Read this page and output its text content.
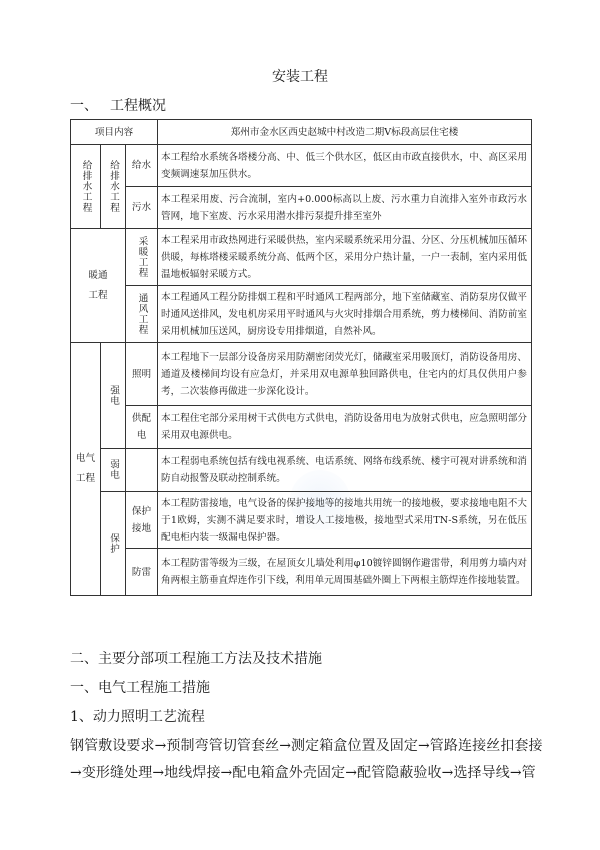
安装工程
一、 工程概况
项目内容			郑州市金水区西史赵城中村改造二期Ⅴ标段高层住宅楼

给排水工程	给排水工程	给水	本工程给水系统各塔楼分高、中、低三个供水区，低区由市政直接供水，中、高区采用变频调速泵加压供水。
		污水	本工程采用废、污合流制，室内+0.000标高以上废、污水重力自流排入室外市政污水管网，地下室废、污水采用潜水排污泵提升排至室外

暖通工程		采暖工程	本工程采用市政热网进行采暖供热，室内采暖系统采用分温、分区、分压机械加压循环供暖，每栋塔楼采暖系统分高、低两个区，采用分户热计量，一户一表制，室内采用低温地板辐射采暖方式。

		通风工程	本工程通风工程分防排烟工程和平时通风工程两部分，地下室储藏室、消防泵房仅做平时通风送排风，发电机房采用平时通风与火灾时排烟合用系统，剪力楼梯间、消防前室采用机械加压送风，厨房设专用排烟道，自然补风。

电气工程	强电	照明	本工程地下一层部分设备房采用防潮密闭荧光灯，储藏室采用吸顶灯，消防设备用房、通道及楼梯间均设有应急灯，并采用双电源单独回路供电，住宅内的灯具仅供用户参考，二次装修再做进一步深化设计。

		供配电	本工程住宅部分采用树干式供电方式供电，消防设备用电为放射式供电，应急照明部分采用双电源供电。

	弱电		本工程弱电系统包括有线电视系统、电话系统、网络布线系统、楼宇可视对讲系统和消防自动报警及联动控制系统。

	保护	保护接地	本工程防雷接地，电气设备的保护接地等的接地共用统一的接地极，要求接地电阻不大于1欧姆，实测不满足要求时，增设人工接地极，接地型式采用TN-S系统，另在低压配电柜内装一级漏电保护器。
		防雷	本工程防雷等级为三级，在屋顶女儿墙处利用φ10镀锌圆钢作避雷带，利用剪力墙内对角两根主筋垂直焊连作引下线，利用单元周围基础外圈上下两根主筋焊连作接地装置。
二、主要分部项工程施工方法及技术措施
一、电气工程施工措施
1、动力照明工艺流程
钢管敷设要求→预制弯管切管套丝→测定箱盒位置及固定→管路连接丝扣套接
→变形缝处理→地线焊接→配电箱盒外壳固定→配管隐蔽验收→选择导线→管
